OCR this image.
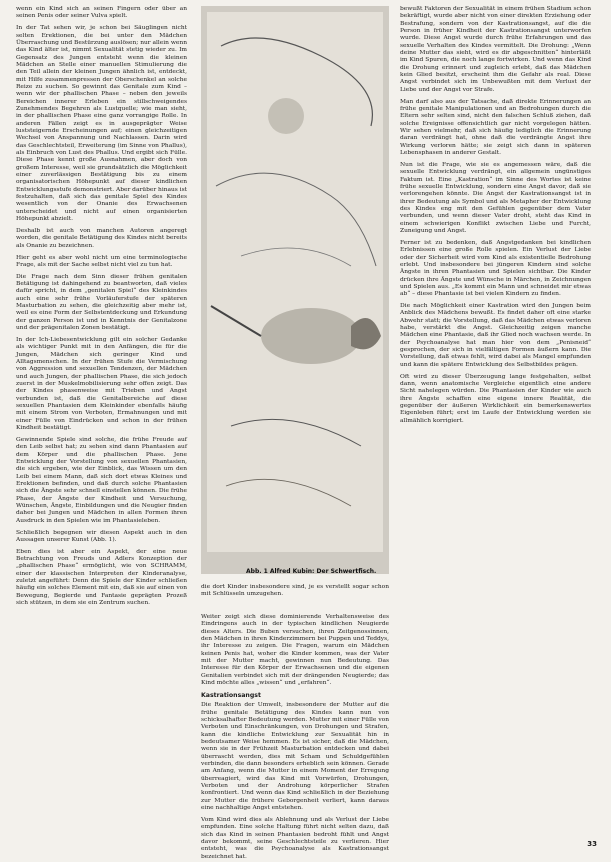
wenn ein Kind sich an seinen Fingern oder über an seinen Penis oder seiner Vulva spielt.

In der Tat sehen wir, je schon bei Säuglingen nicht selten Erektionen, die bei unter den Mädchen Überraschung und Bestürzung auslösen; nur allein wenn das Kind älter ist, nimmt Sexualität stetig wieder zu. Im Gegensatz des Jungen entsteht wenn die kleinen Mädchen an Stelle einer manuellen Stimulierung die den Teil allein der kleinen Jungen ähnlich ist, entdeckt, mit Hilfe zusammenpressen der Oberschenkel an solche Reize zu suchen. So gewinnt das Genitale zum Kind – wenn wir der phallischen Phase – neben den jeweils Bereichen innerer Erleben ein stillschweigendes Zunehmendes Begehren als Lustquelle; wie man sieht, in der phallischen Phase eine ganz vorrangige Rolle. In anderen Fällen zeigt es in ausgeprägter Weise luststeigernde Erscheinungen auf; einen gleichzeitigen Wechsel von Anspannung und Nachlassen. Darin wird das Geschlechtsteil, Erweiterung (im Sinne von Phallus), als Einbruch von Lust des Phallus. Und ergibt sich Fülle. Diese Phase kennt große Ausnahmen, aber doch von großem Interesse, weil sie grundsätzlich die Möglichkeit einer zuverlässigen Bestätigung bis zu einem organisatorischen Höhepunkt auf dieser kindlichen Entwicklungsstufe demonstriert. Aber darüber hinaus ist festzuhalten, daß sich das genitale Spiel des Kindes wesentlich von der Onanie des Erwachsenen unterscheidet und nicht auf einen organisierten Höhepunkt abzielt.

Deshalb ist auch von manchen Autoren angeregt worden, die genitale Betätigung des Kindes nicht bereits als Onanie zu bezeichnen.

Hier geht es aber wohl nicht um eine terminologische Frage, als mit der Sache selbst nicht viel zu tun hat.

Die Frage nach dem Sinn dieser frühen genitalen Betätigung ist dahingehend zu beantworten, daß vieles dafür spricht, in dem „genitalen Spiel“ des Kleinkindes auch eine sehr frühe Vorläuferstufe der späteren Masturbation zu sehen, die gleichzeitig aber mehr ist, weil es eine Form der Selbstentdeckung und Erkundung der ganzen Person ist und in Kenntnis der Genitalzone und der prägenitalen Zonen bestätigt.

In der Ich-Liebesentwicklung gilt ein solcher Gedanke als wichtiger Punkt mit in den Anfängen, die für die Jungen, Mädchen sich geringer Kind und Alltagsmenschen. In der frühen Stufe die Vermischung von Aggression und sexuellen Tendenzen, der Mädchen und auch Jungen, der phallischen Phase, die sich jedoch zuerst in der Muskelmobilisierung sehr offen zeigt. Das der Kindes phasenweise mit Trieben und Angst verbunden ist, daß die Genitalbereiche auf diese sexuellen Phantasien dem Kleinkinder ebenfalls häufig mit einem Strom von Verboten, Ermahnungen und mit einer Fülle von Eindrücken und schon in der frühen Kindheit bestätigt.

Gewinnende Spiele sind solche, die frühe Freude auf den Leib selbst hat; zu sehen sind dann Phantasien auf dem Körper und die phallischen Phase. Jene Entwicklung der Vorstellung von sexuellen Phantasien, die sich ergeben, wie der Einblick, das Wissen um den Leib bei einem Mann, daß sich dort etwas Kleines und Erektionen befinden, und daß durch solche Phantasien sich die Ängste sehr schnell einstellen können. Die frühe Phase, der Ängste der Kindheit und Versuchung, Wünschen, Ängste, Einbildungen und die Neugier finden daher bei Jungen und Mädchen in allen Formen ihren Ausdruck in den Spielen wie im Phantasieleben.

Schließlich begegnen wir diesen Aspekt auch in den Aussagen unserer Kunst (Abb. 1).

Eben dies ist aber ein Aspekt, der eine neue Betrachtung von Freuds und Adlers Konzeption der „phallischen Phase“ ermöglicht, wie von SCHRAMM, einer der klassischen Interpreten der Kinderanalyse, zuletzt angeführt: Denn die Spiele der Kinder schließen häufig ein solches Element mit ein, daß sie auf einen von Bewegung, Begierde und Fantasie geprägten Prozeß sich stützen, in dem sie ein Zentrum suchen.

Abb. 1 Alfred Kubin: Der Schwertfisch.
die dort Kinder insbesondere sind, je es verstellt sogar schon mit Schlüsseln umzugehen.

Weiter zeigt sich diese dominierende Verhaltensweise des Eindringens auch in der typischen kindlichen Neugierde dieses Alters. Die Buben versuchen, ihren Zeitgenossinnen, den Mädchen in ihren Kinderzimmern bei Puppen und Teddys, ihr Interesse zu zeigen. Die Fragen, warum ein Mädchen keinen Penis hat, woher die Kinder kommen, was der Vater mit der Mutter macht, gewinnen nun Bedeutung. Das Interesse für den Körper der Erwachsenen und die eigenen Genitalien verbindet sich mit der drängenden Neugierde; das Kind möchte alles „wissen“ und „erfahren“.

Kastrationsangst

Die Reaktion der Umwelt, insbesondere der Mutter auf die frühe genitale Betätigung des Kindes kann nun von schicksalhafter Bedeutung werden. Mutter mit einer Fülle von Verboten und Einschränkungen, von Drohungen und Strafen, kann die kindliche Entwicklung zur Sexualität hin in bedeutsamer Weise hemmen. Es ist sicher, daß die Mädchen, wenn sie in der Frühzeit Masturbation entdecken und dabei überrascht werden, dies mit Scham und Schuldgefühlen verbinden, die dann besonders erheblich sein können. Gerade am Anfang, wenn die Mutter in einem Moment der Erregung überreagiert, wird das Kind mit Vorwürfen, Drohungen, Verboten und der Androhung körperlicher Strafen konfrontiert. Und wenn das Kind schließlich in der Beziehung zur Mutter die frühere Geborgenheit verliert, kann daraus eine nachhaltige Angst entstehen.

Vom Kind wird dies als Ablehnung und als Verlust der Liebe empfunden. Eine solche Haltung führt nicht selten dazu, daß sich das Kind in seinen Phantasien bedroht fühlt und Angst davor bekommt, seine Geschlechtsteile zu verlieren. Hier entsteht, was die Psychoanalyse als Kastrationsangst bezeichnet hat.

bewußt Faktoren der Sexualität in einem frühen Stadium schon bekräftigt, wurde aber nicht von einer direkten Erziehung oder Bestrafung, sondern von der Kastrationsangst, auf die die Person in früher Kindheit der Kastrationsangst unterworfen wurde. Diese Angst wurde durch frühe Erfahrungen und das sexuelle Verhalten des Kindes vermittelt. Die Drohung: „Wenn deine Mutter das sieht, wird es dir abgeschnitten“ hinterläßt im Kind Spuren, die noch lange fortwirken. Und wenn das Kind die Drohung erinnert und zugleich erlebt, daß das Mädchen kein Glied besitzt, erscheint ihm die Gefahr als real. Diese Angst verbindet sich im Unbewußten mit dem Verlust der Liebe und der Angst vor Strafe.

Man darf also aus der Tatsache, daß direkte Erinnerungen an frühe genitale Manipulationen und an Bedrohungen durch die Eltern sehr selten sind, nicht den falschen Schluß ziehen, daß solche Ereignisse offensichtlich gar nicht vorgelegen hätten. Wir sehen vielmehr, daß sich häufig lediglich die Erinnerung daran verdrängt hat, ohne daß die verdrängte Angst ihre Wirkung verloren hätte; sie zeigt sich dann in späteren Lebensphasen in anderer Gestalt.

Nun ist die Frage, wie sie es angemessen wäre, daß die sexuelle Entwicklung verdrängt, ein allgemein ungünstiges Faktum ist. Eine „Kastration“ im Sinne des Wortes ist keine frühe sexuelle Entwicklung, sondern eine Angst davor, daß sie verlorengehen könnte. Die Angst der Kastrationsangst ist in ihrer Bedeutung als Symbol und als Metapher der Entwicklung des Kindes eng mit den Gefühlen gegenüber dem Vater verbunden, und wenn dieser Vater droht, steht das Kind in einem schwierigen Konflikt zwischen Liebe und Furcht, Zuneigung und Angst.

Ferner ist zu bedenken, daß Angstgedanken bei kindlichen Erlebnissen eine große Rolle spielen. Ein Verlust der Liebe oder der Sicherheit wird vom Kind als existentielle Bedrohung erlebt. Und insbesondere bei jüngeren Kindern sind solche Ängste in ihren Phantasien und Spielen sichtbar. Die Kinder drücken ihre Ängste und Wünsche in Märchen, in Zeichnungen und Spielen aus. „Es kommt ein Mann und schneidet mir etwas ab“ – diese Phantasie ist bei vielen Kindern zu finden.

Die nach Möglichkeit einer Kastration wird den Jungen beim Anblick des Mädchens bewußt. Es findet daher oft eine starke Abwehr statt; die Vorstellung, daß das Mädchen etwas verloren habe, verstärkt die Angst. Gleichzeitig zeigen manche Mädchen eine Phantasie, daß ihr Glied noch wachsen werde. In der Psychoanalyse hat man hier von dem „Penisneid“ gesprochen, der sich in vielfältigen Formen äußern kann. Die Vorstellung, daß etwas fehlt, wird dabei als Mangel empfunden und kann die spätere Entwicklung des Selbstbildes prägen.

Oft wird zu dieser Überzeugung lange festgehalten, selbst dann, wenn anatomische Vergleiche eigentlich eine andere Sicht nahelegen würden. Die Phantasien der Kinder wie auch ihre Ängste schaffen eine eigene innere Realität, die gegenüber der äußeren Wirklichkeit ein bemerkenswertes Eigenleben führt; erst im Laufe der Entwicklung werden sie allmählich korrigiert.

33
